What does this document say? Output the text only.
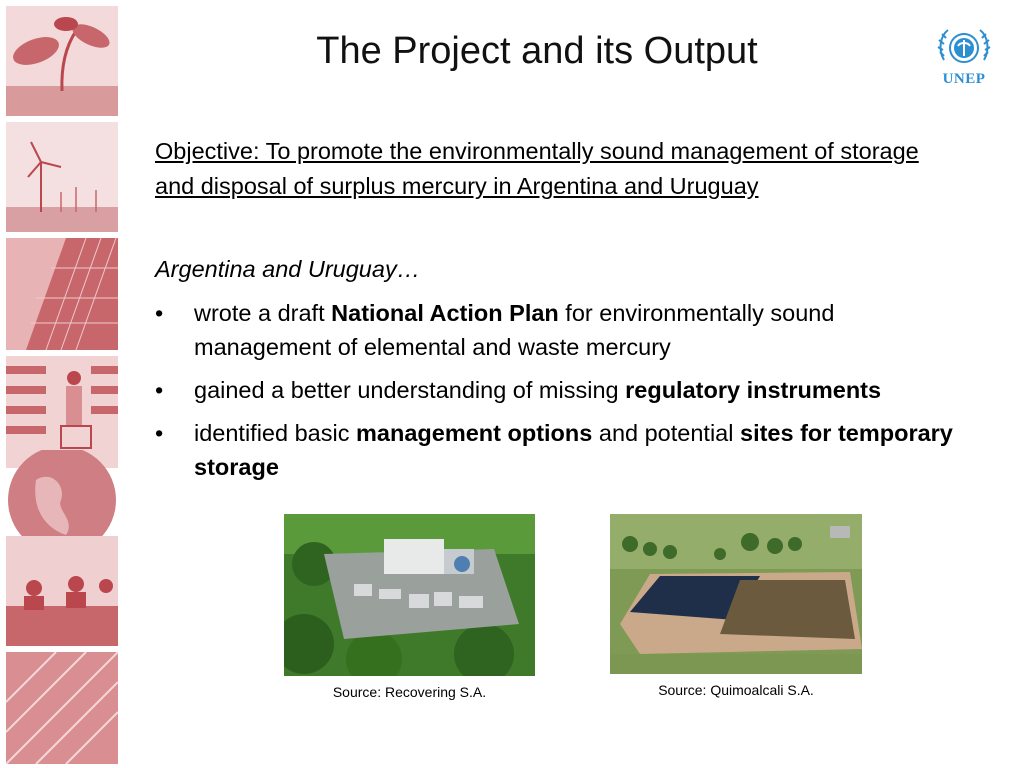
The Project and its Output
UNEP
Objective: To promote the environmentally sound management of storage and disposal of surplus mercury in Argentina and Uruguay
Argentina and Uruguay…
• wrote a draft National Action Plan for environmentally sound management of elemental and waste mercury
• gained a better understanding of missing regulatory instruments
• identified basic management options and potential sites for temporary storage
Source: Recovering S.A.	Source: Quimoalcali S.A.
